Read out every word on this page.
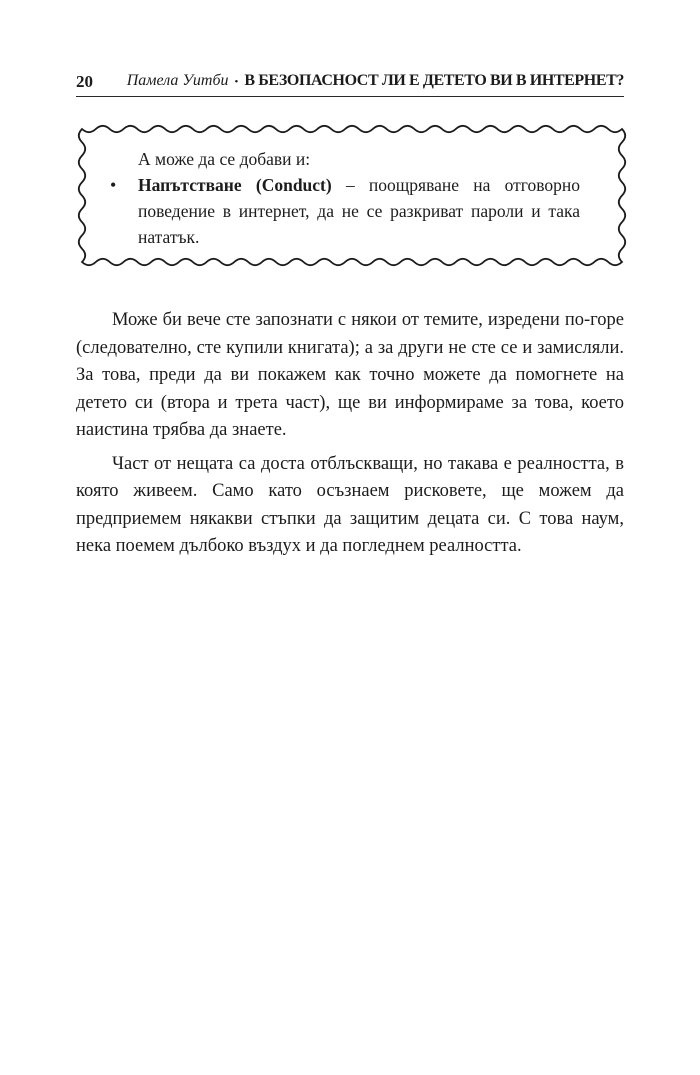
20 Памела Уитби • В БЕЗОПАСНОСТ ЛИ Е ДЕТЕТО ВИ В ИНТЕРНЕТ?

А може да се добави и:

• Напътстване (Conduct) – поощряване на отговорно поведение в интернет, да не се разкриват пароли и така нататък.

Може би вече сте запознати с някои от темите, изредени по-горе (следователно, сте купили книгата); а за други не сте се и замисляли. За това, преди да ви покажем как точно можете да помогнете на детето си (втора и трета част), ще ви информираме за това, което наистина трябва да знаете.

Част от нещата са доста отблъскващи, но такава е реалността, в която живеем. Само като осъзнаем рисковете, ще можем да предприемем някакви стъпки да защитим децата си. С това наум, нека поемем дълбоко въздух и да погледнем реалността.
